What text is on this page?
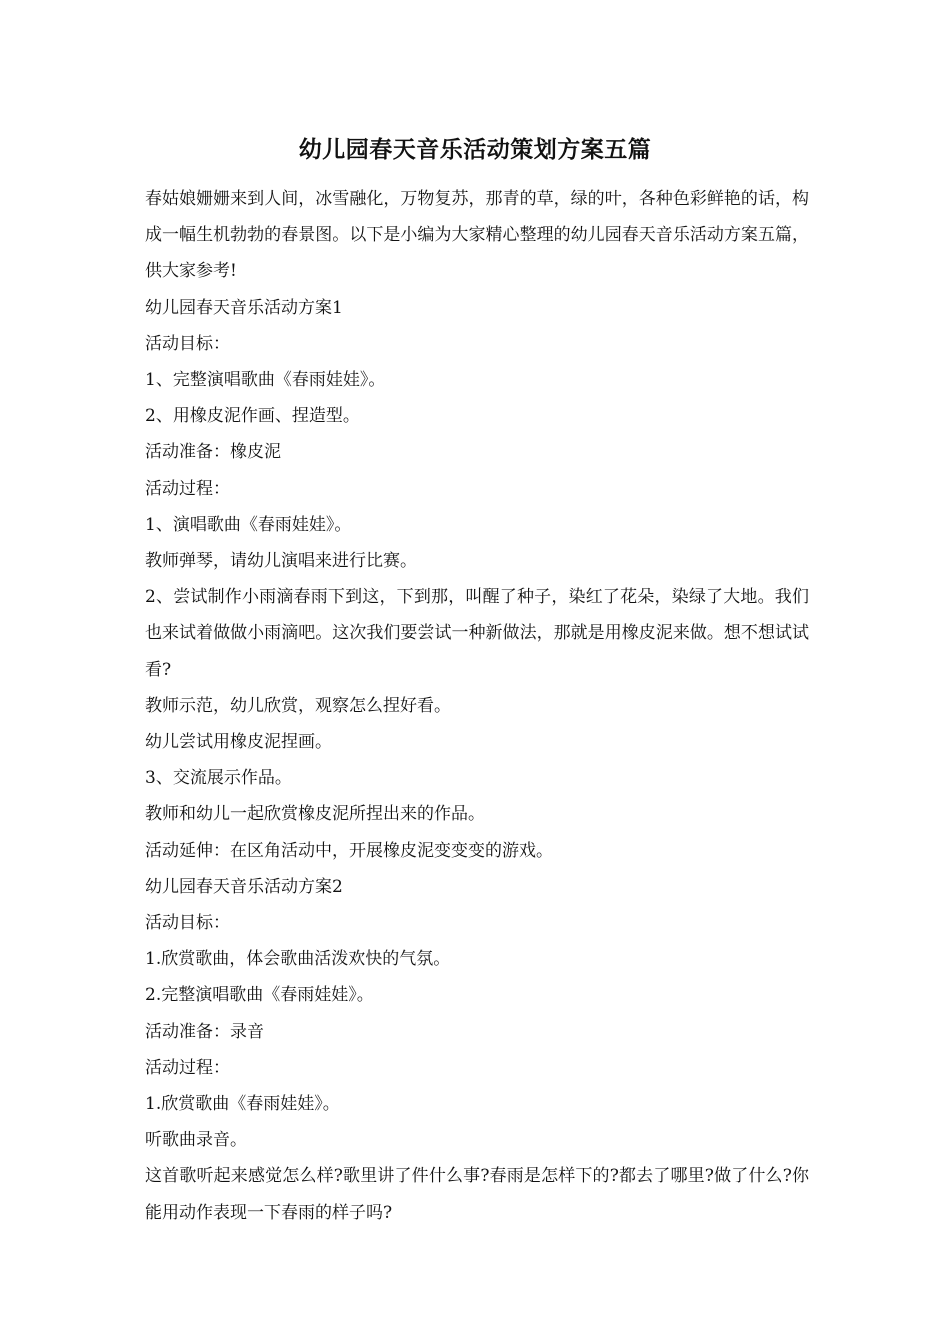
幼儿园春天音乐活动策划方案五篇

春姑娘姗姗来到人间，冰雪融化，万物复苏，那青的草，绿的叶，各种色彩鲜艳的话，构成一幅生机勃勃的春景图。以下是小编为大家精心整理的幼儿园春天音乐活动方案五篇，供大家参考!

幼儿园春天音乐活动方案1

活动目标：

1、完整演唱歌曲《春雨娃娃》。

2、用橡皮泥作画、捏造型。

活动准备：橡皮泥

活动过程：

1、演唱歌曲《春雨娃娃》。

教师弹琴，请幼儿演唱来进行比赛。

2、尝试制作小雨滴春雨下到这，下到那，叫醒了种子，染红了花朵，染绿了大地。我们也来试着做做小雨滴吧。这次我们要尝试一种新做法，那就是用橡皮泥来做。想不想试试看?

教师示范，幼儿欣赏，观察怎么捏好看。

幼儿尝试用橡皮泥捏画。

3、交流展示作品。

教师和幼儿一起欣赏橡皮泥所捏出来的作品。

活动延伸：在区角活动中，开展橡皮泥变变变的游戏。

幼儿园春天音乐活动方案2

活动目标：

1.欣赏歌曲，体会歌曲活泼欢快的气氛。

2.完整演唱歌曲《春雨娃娃》。

活动准备：录音

活动过程：

1.欣赏歌曲《春雨娃娃》。

听歌曲录音。

这首歌听起来感觉怎么样?歌里讲了件什么事?春雨是怎样下的?都去了哪里?做了什么?你能用动作表现一下春雨的样子吗?
